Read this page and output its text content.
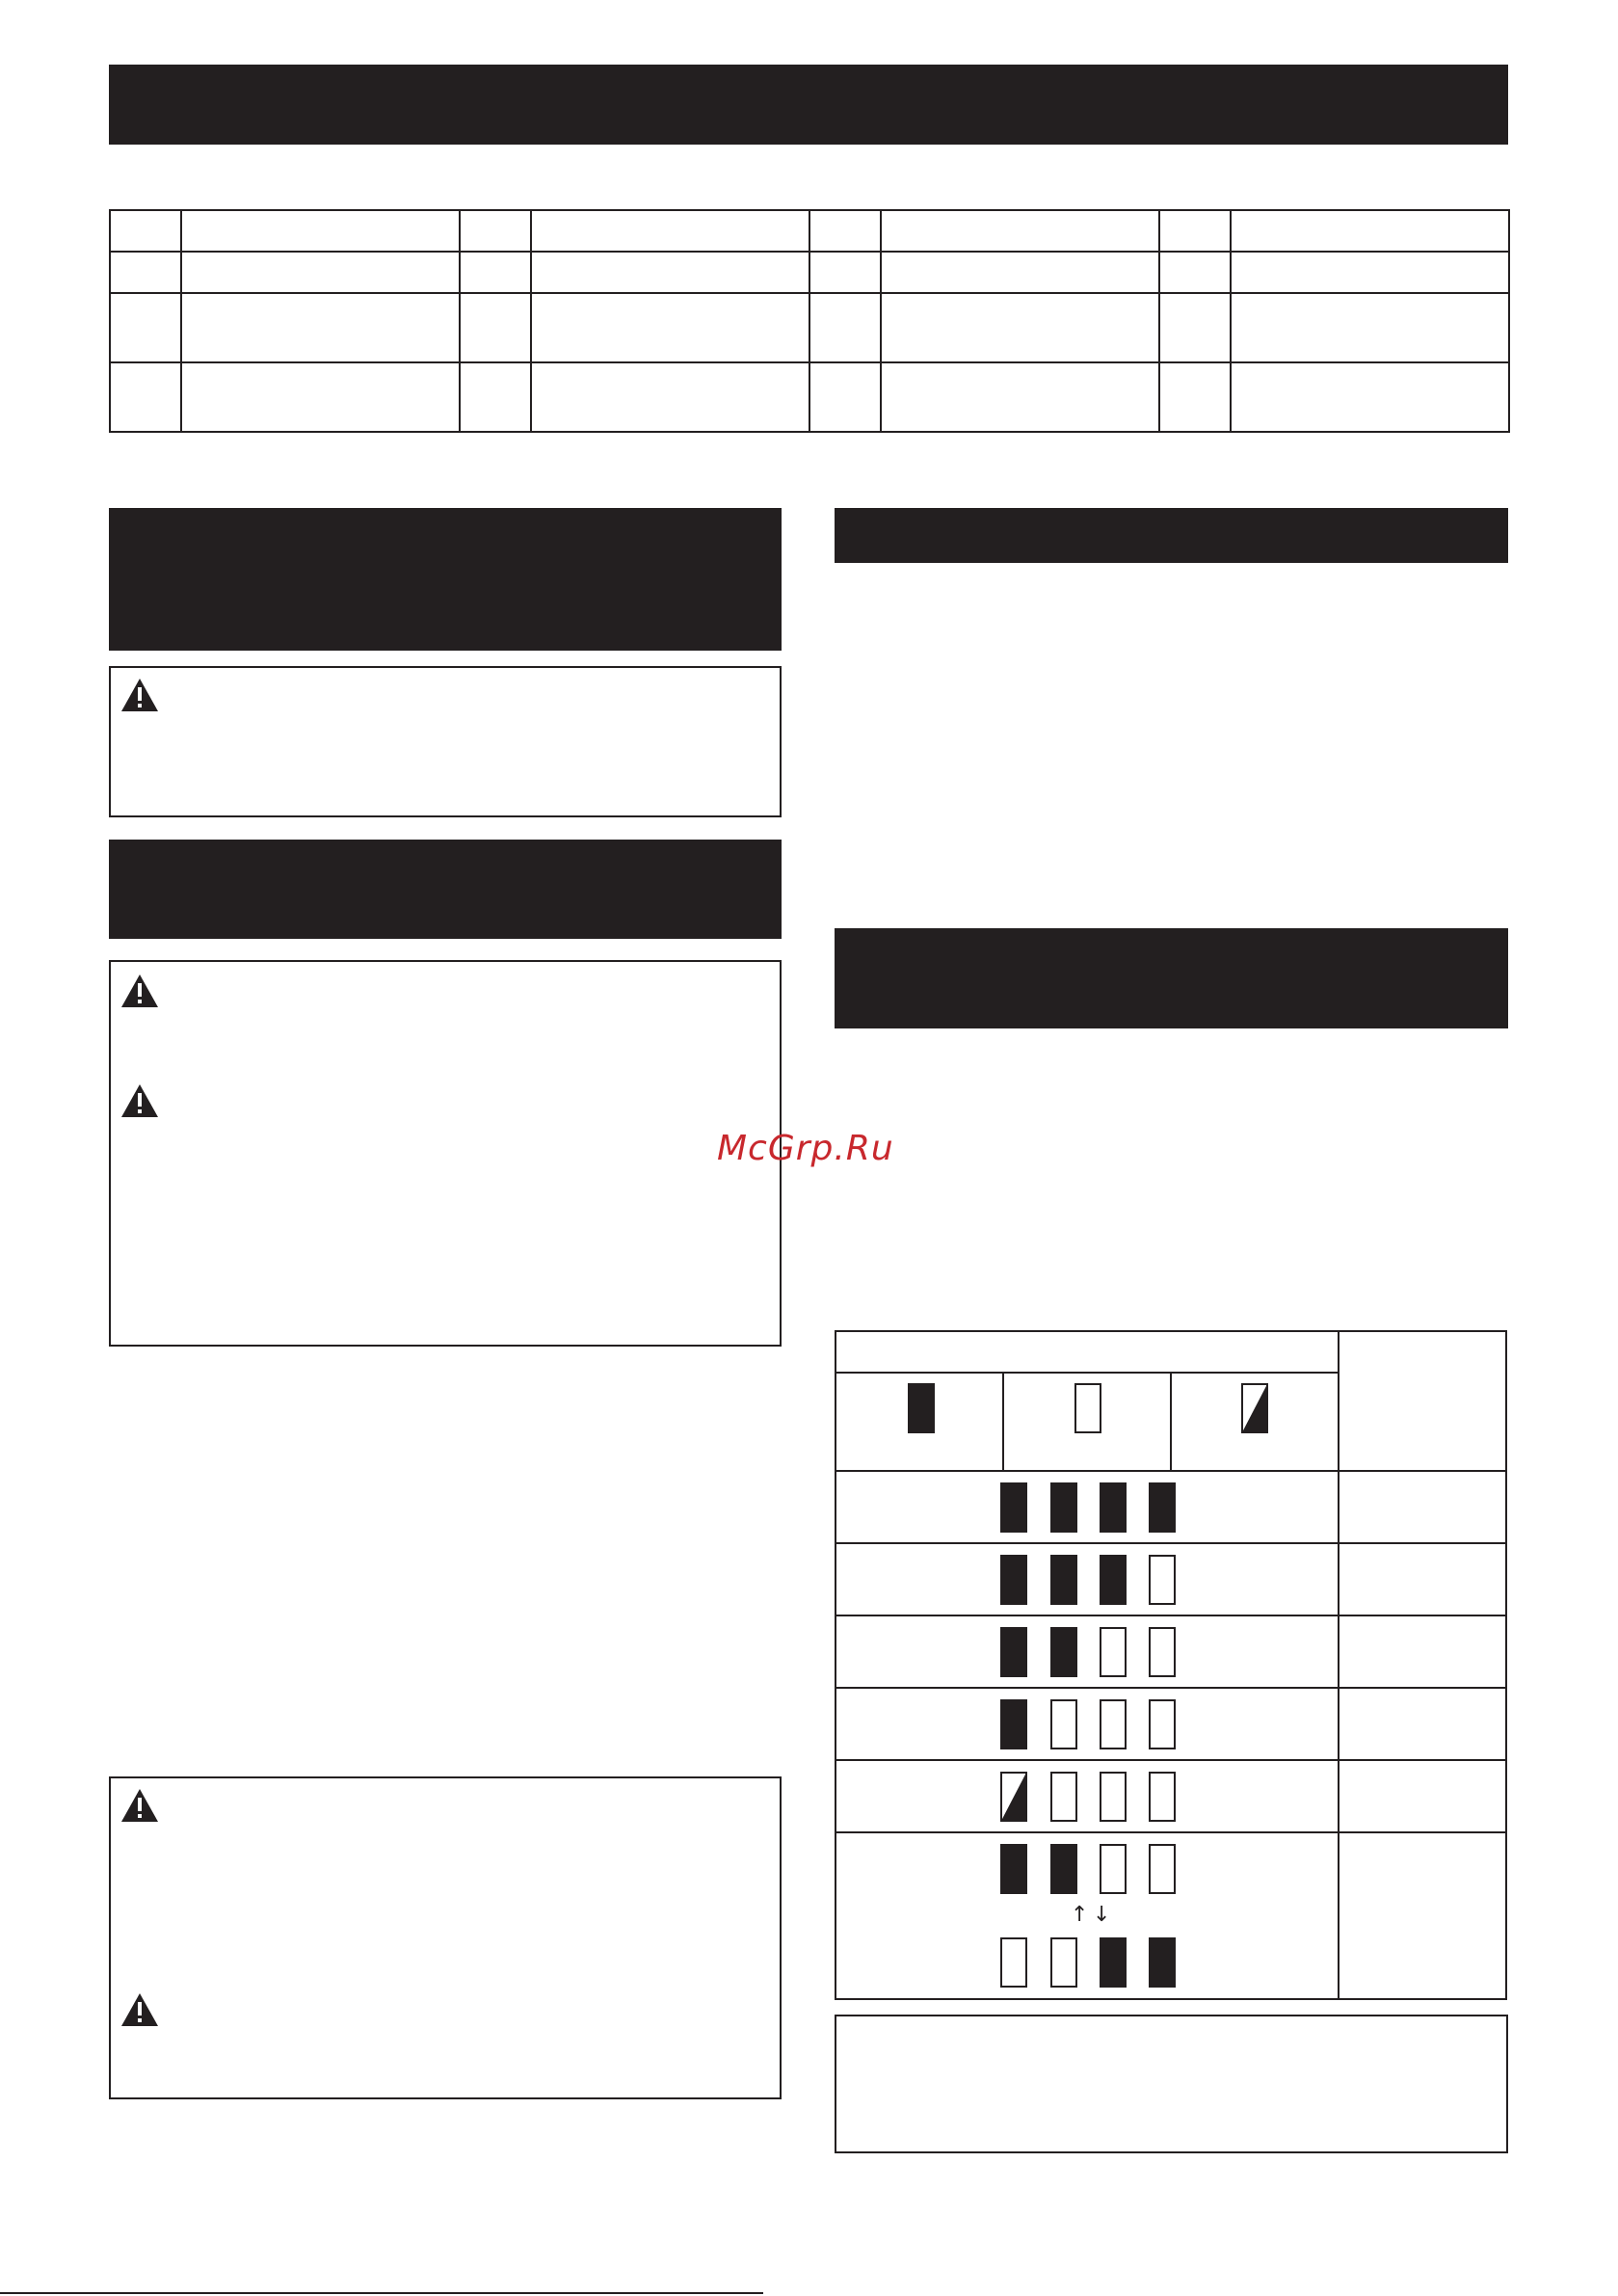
↑ ↓
McGrp.Ru
